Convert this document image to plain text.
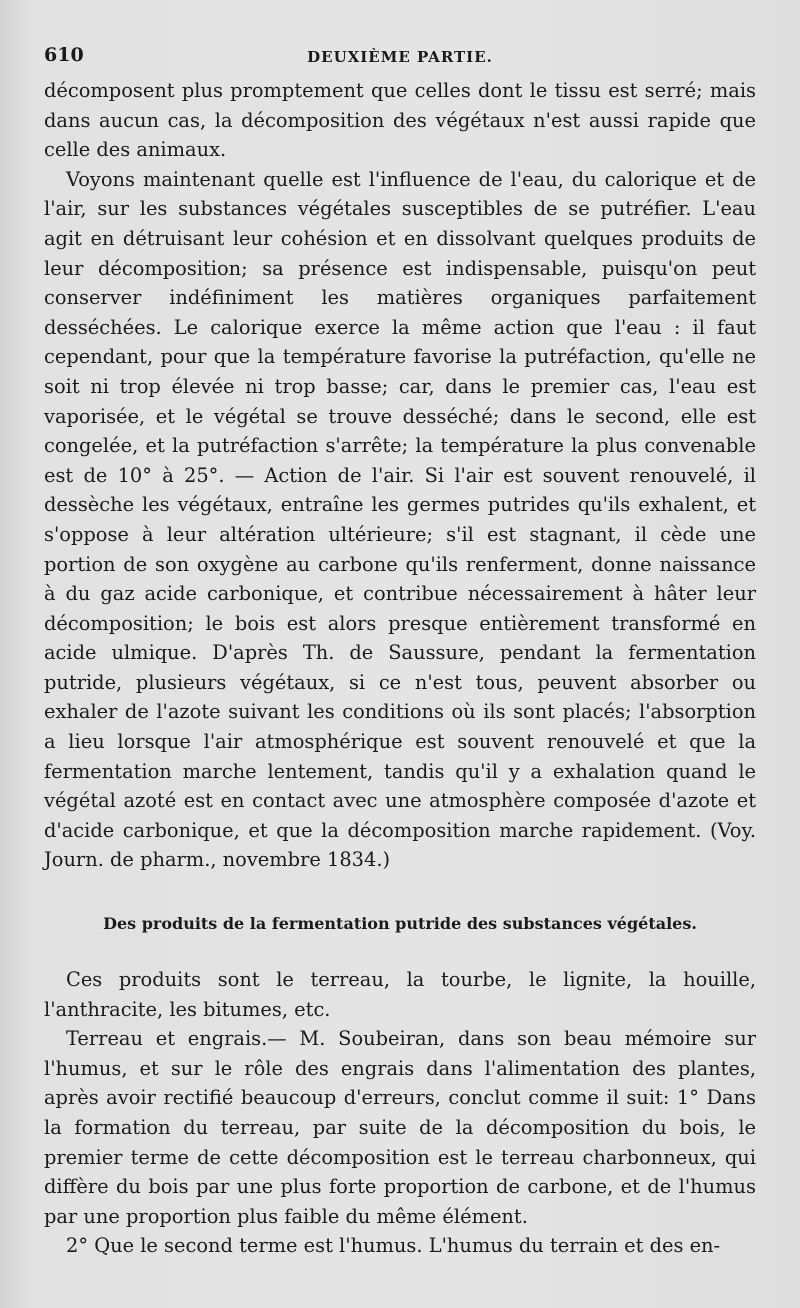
610	DEUXIÈME PARTIE.

décomposent plus promptement que celles dont le tissu est serré; mais dans aucun cas, la décomposition des végétaux n'est aussi rapide que celle des animaux.

Voyons maintenant quelle est l'influence de l'eau, du calorique et de l'air, sur les substances végétales susceptibles de se putréfier. L'eau agit en détruisant leur cohésion et en dissolvant quelques produits de leur décomposition; sa présence est indispensable, puisqu'on peut conserver indéfiniment les matières organiques parfaitement desséchées. Le calorique exerce la même action que l'eau : il faut cependant, pour que la température favorise la putréfaction, qu'elle ne soit ni trop élevée ni trop basse; car, dans le premier cas, l'eau est vaporisée, et le végétal se trouve desséché; dans le second, elle est congelée, et la putréfaction s'arrête; la température la plus convenable est de 10° à 25°. — Action de l'air. Si l'air est souvent renouvelé, il dessèche les végétaux, entraîne les germes putrides qu'ils exhalent, et s'oppose à leur altération ultérieure; s'il est stagnant, il cède une portion de son oxygène au carbone qu'ils renferment, donne naissance à du gaz acide carbonique, et contribue nécessairement à hâter leur décomposition; le bois est alors presque entièrement transformé en acide ulmique. D'après Th. de Saussure, pendant la fermentation putride, plusieurs végétaux, si ce n'est tous, peuvent absorber ou exhaler de l'azote suivant les conditions où ils sont placés; l'absorption a lieu lorsque l'air atmosphérique est souvent renouvelé et que la fermentation marche lentement, tandis qu'il y a exhalation quand le végétal azoté est en contact avec une atmosphère composée d'azote et d'acide carbonique, et que la décomposition marche rapidement. (Voy. Journ. de pharm., novembre 1834.)

Des produits de la fermentation putride des substances végétales.

Ces produits sont le terreau, la tourbe, le lignite, la houille, l'anthracite, les bitumes, etc.

Terreau et engrais.— M. Soubeiran, dans son beau mémoire sur l'humus, et sur le rôle des engrais dans l'alimentation des plantes, après avoir rectifié beaucoup d'erreurs, conclut comme il suit: 1° Dans la formation du terreau, par suite de la décomposition du bois, le premier terme de cette décomposition est le terreau charbonneux, qui diffère du bois par une plus forte proportion de carbone, et de l'humus par une proportion plus faible du même élément.

2° Que le second terme est l'humus. L'humus du terrain et des en-
